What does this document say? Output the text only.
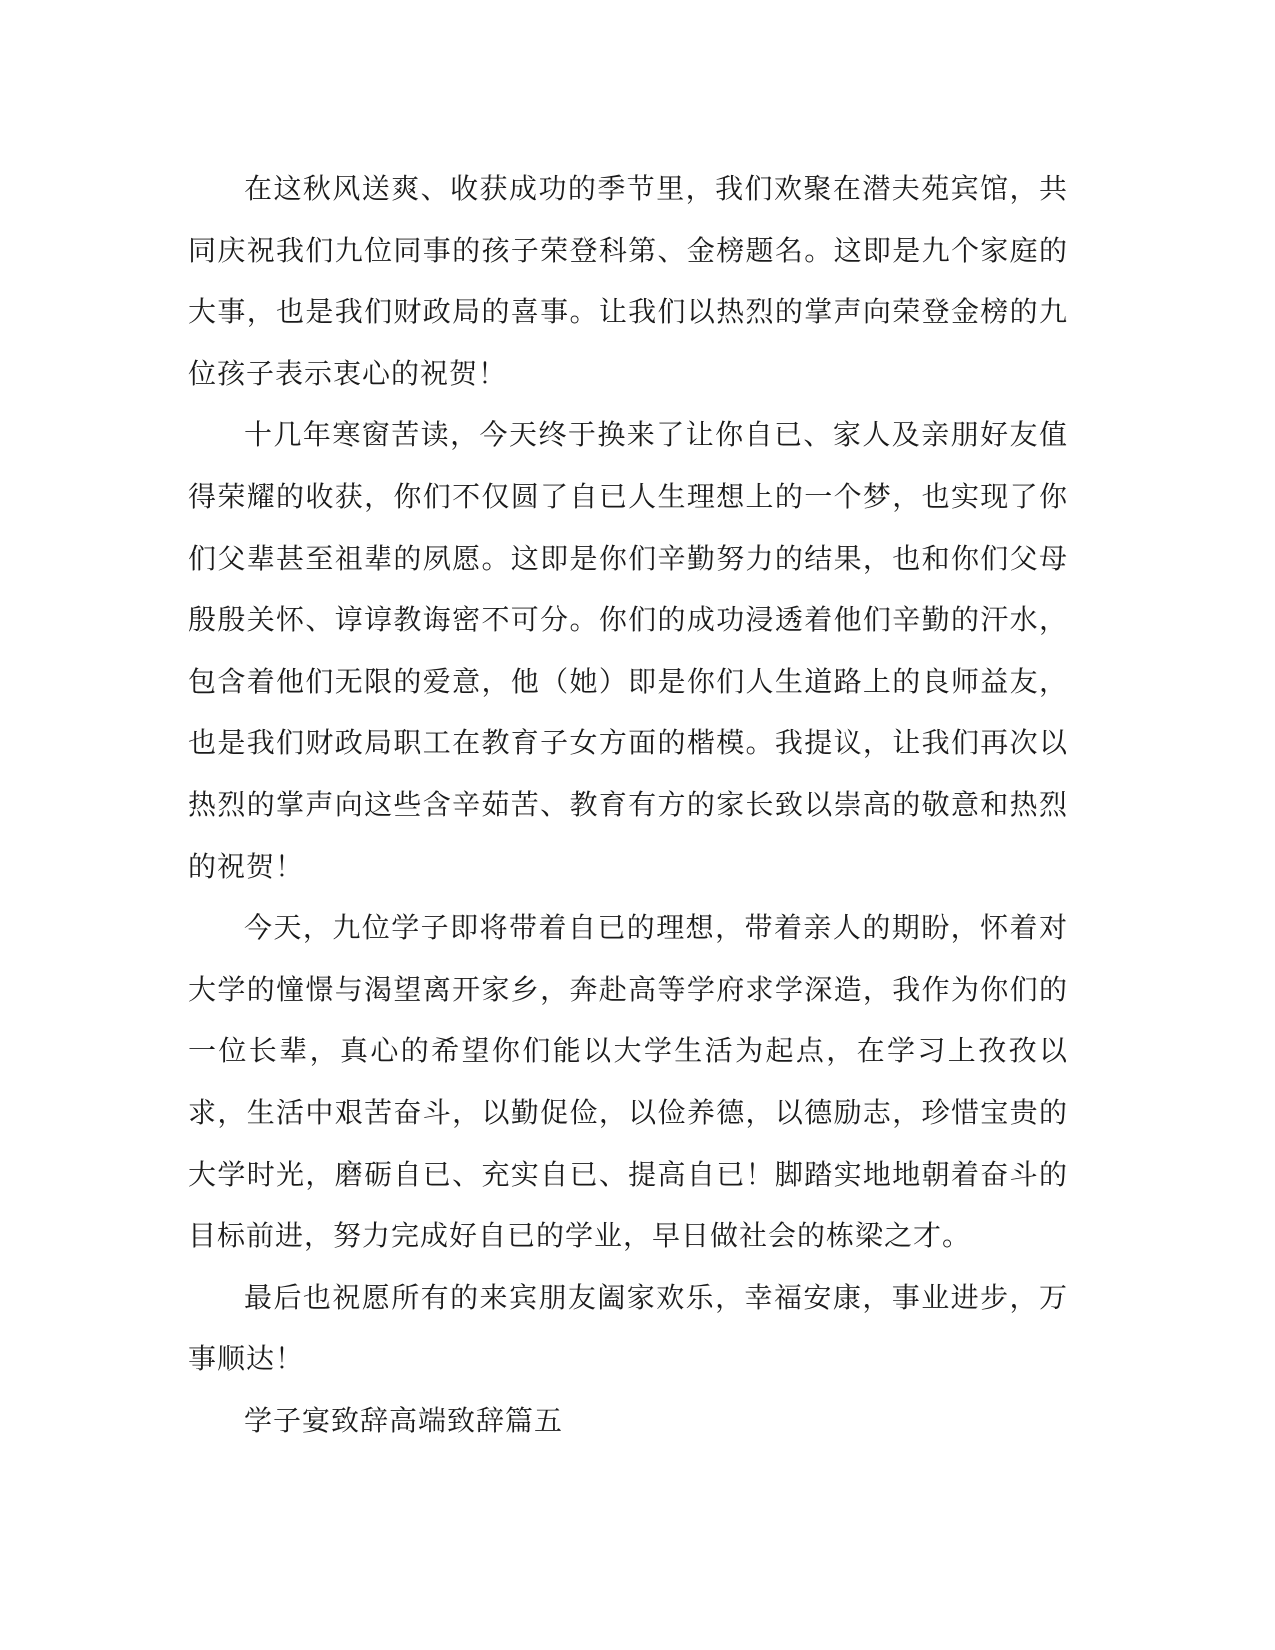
在这秋风送爽、收获成功的季节里，我们欢聚在潜夫苑宾馆，共同庆祝我们九位同事的孩子荣登科第、金榜题名。这即是九个家庭的大事，也是我们财政局的喜事。让我们以热烈的掌声向荣登金榜的九位孩子表示衷心的祝贺！

十几年寒窗苦读，今天终于换来了让你自已、家人及亲朋好友值得荣耀的收获，你们不仅圆了自已人生理想上的一个梦，也实现了你们父辈甚至祖辈的夙愿。这即是你们辛勤努力的结果，也和你们父母殷殷关怀、谆谆教诲密不可分。你们的成功浸透着他们辛勤的汗水，包含着他们无限的爱意，他（她）即是你们人生道路上的良师益友，也是我们财政局职工在教育子女方面的楷模。我提议，让我们再次以热烈的掌声向这些含辛茹苦、教育有方的家长致以崇高的敬意和热烈的祝贺！

今天，九位学子即将带着自已的理想，带着亲人的期盼，怀着对大学的憧憬与渴望离开家乡，奔赴高等学府求学深造，我作为你们的一位长辈，真心的希望你们能以大学生活为起点，在学习上孜孜以求，生活中艰苦奋斗，以勤促俭，以俭养德，以德励志，珍惜宝贵的大学时光，磨砺自已、充实自已、提高自已！脚踏实地地朝着奋斗的目标前进，努力完成好自已的学业，早日做社会的栋梁之才。

最后也祝愿所有的来宾朋友阖家欢乐，幸福安康，事业进步，万事顺达！

学子宴致辞高端致辞篇五
